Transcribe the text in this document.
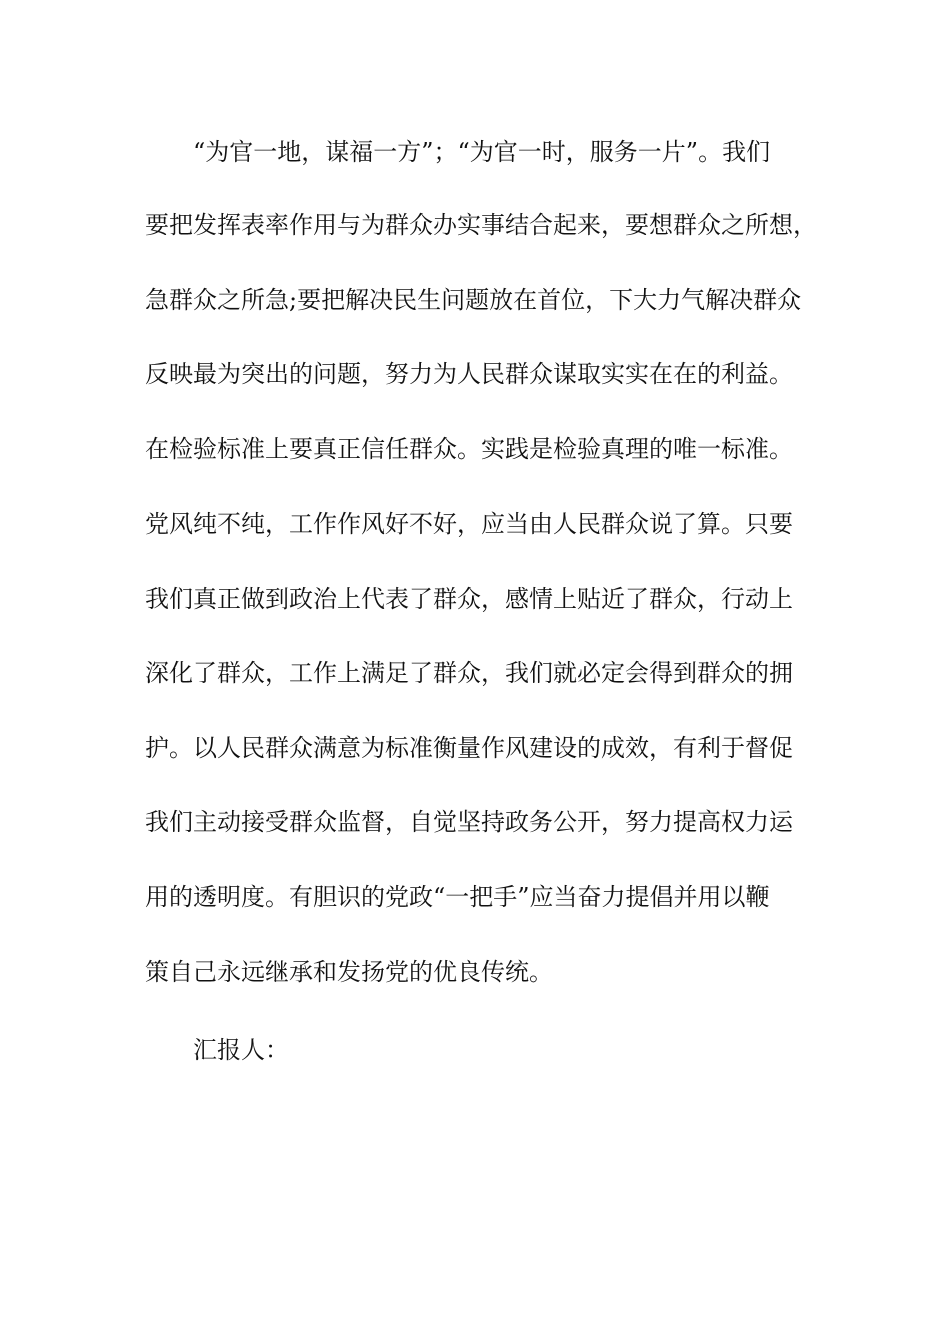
“为官一地，谋福一方”；“为官一时，服务一片”。我们

要把发挥表率作用与为群众办实事结合起来，要想群众之所想，

急群众之所急;要把解决民生问题放在首位，下大力气解决群众

反映最为突出的问题，努力为人民群众谋取实实在在的利益。

在检验标准上要真正信任群众。实践是检验真理的唯一标准。

党风纯不纯，工作作风好不好，应当由人民群众说了算。只要

我们真正做到政治上代表了群众，感情上贴近了群众，行动上

深化了群众，工作上满足了群众，我们就必定会得到群众的拥

护。以人民群众满意为标准衡量作风建设的成效，有利于督促

我们主动接受群众监督，自觉坚持政务公开，努力提高权力运

用的透明度。有胆识的党政“一把手”应当奋力提倡并用以鞭

策自己永远继承和发扬党的优良传统。

汇报人：
